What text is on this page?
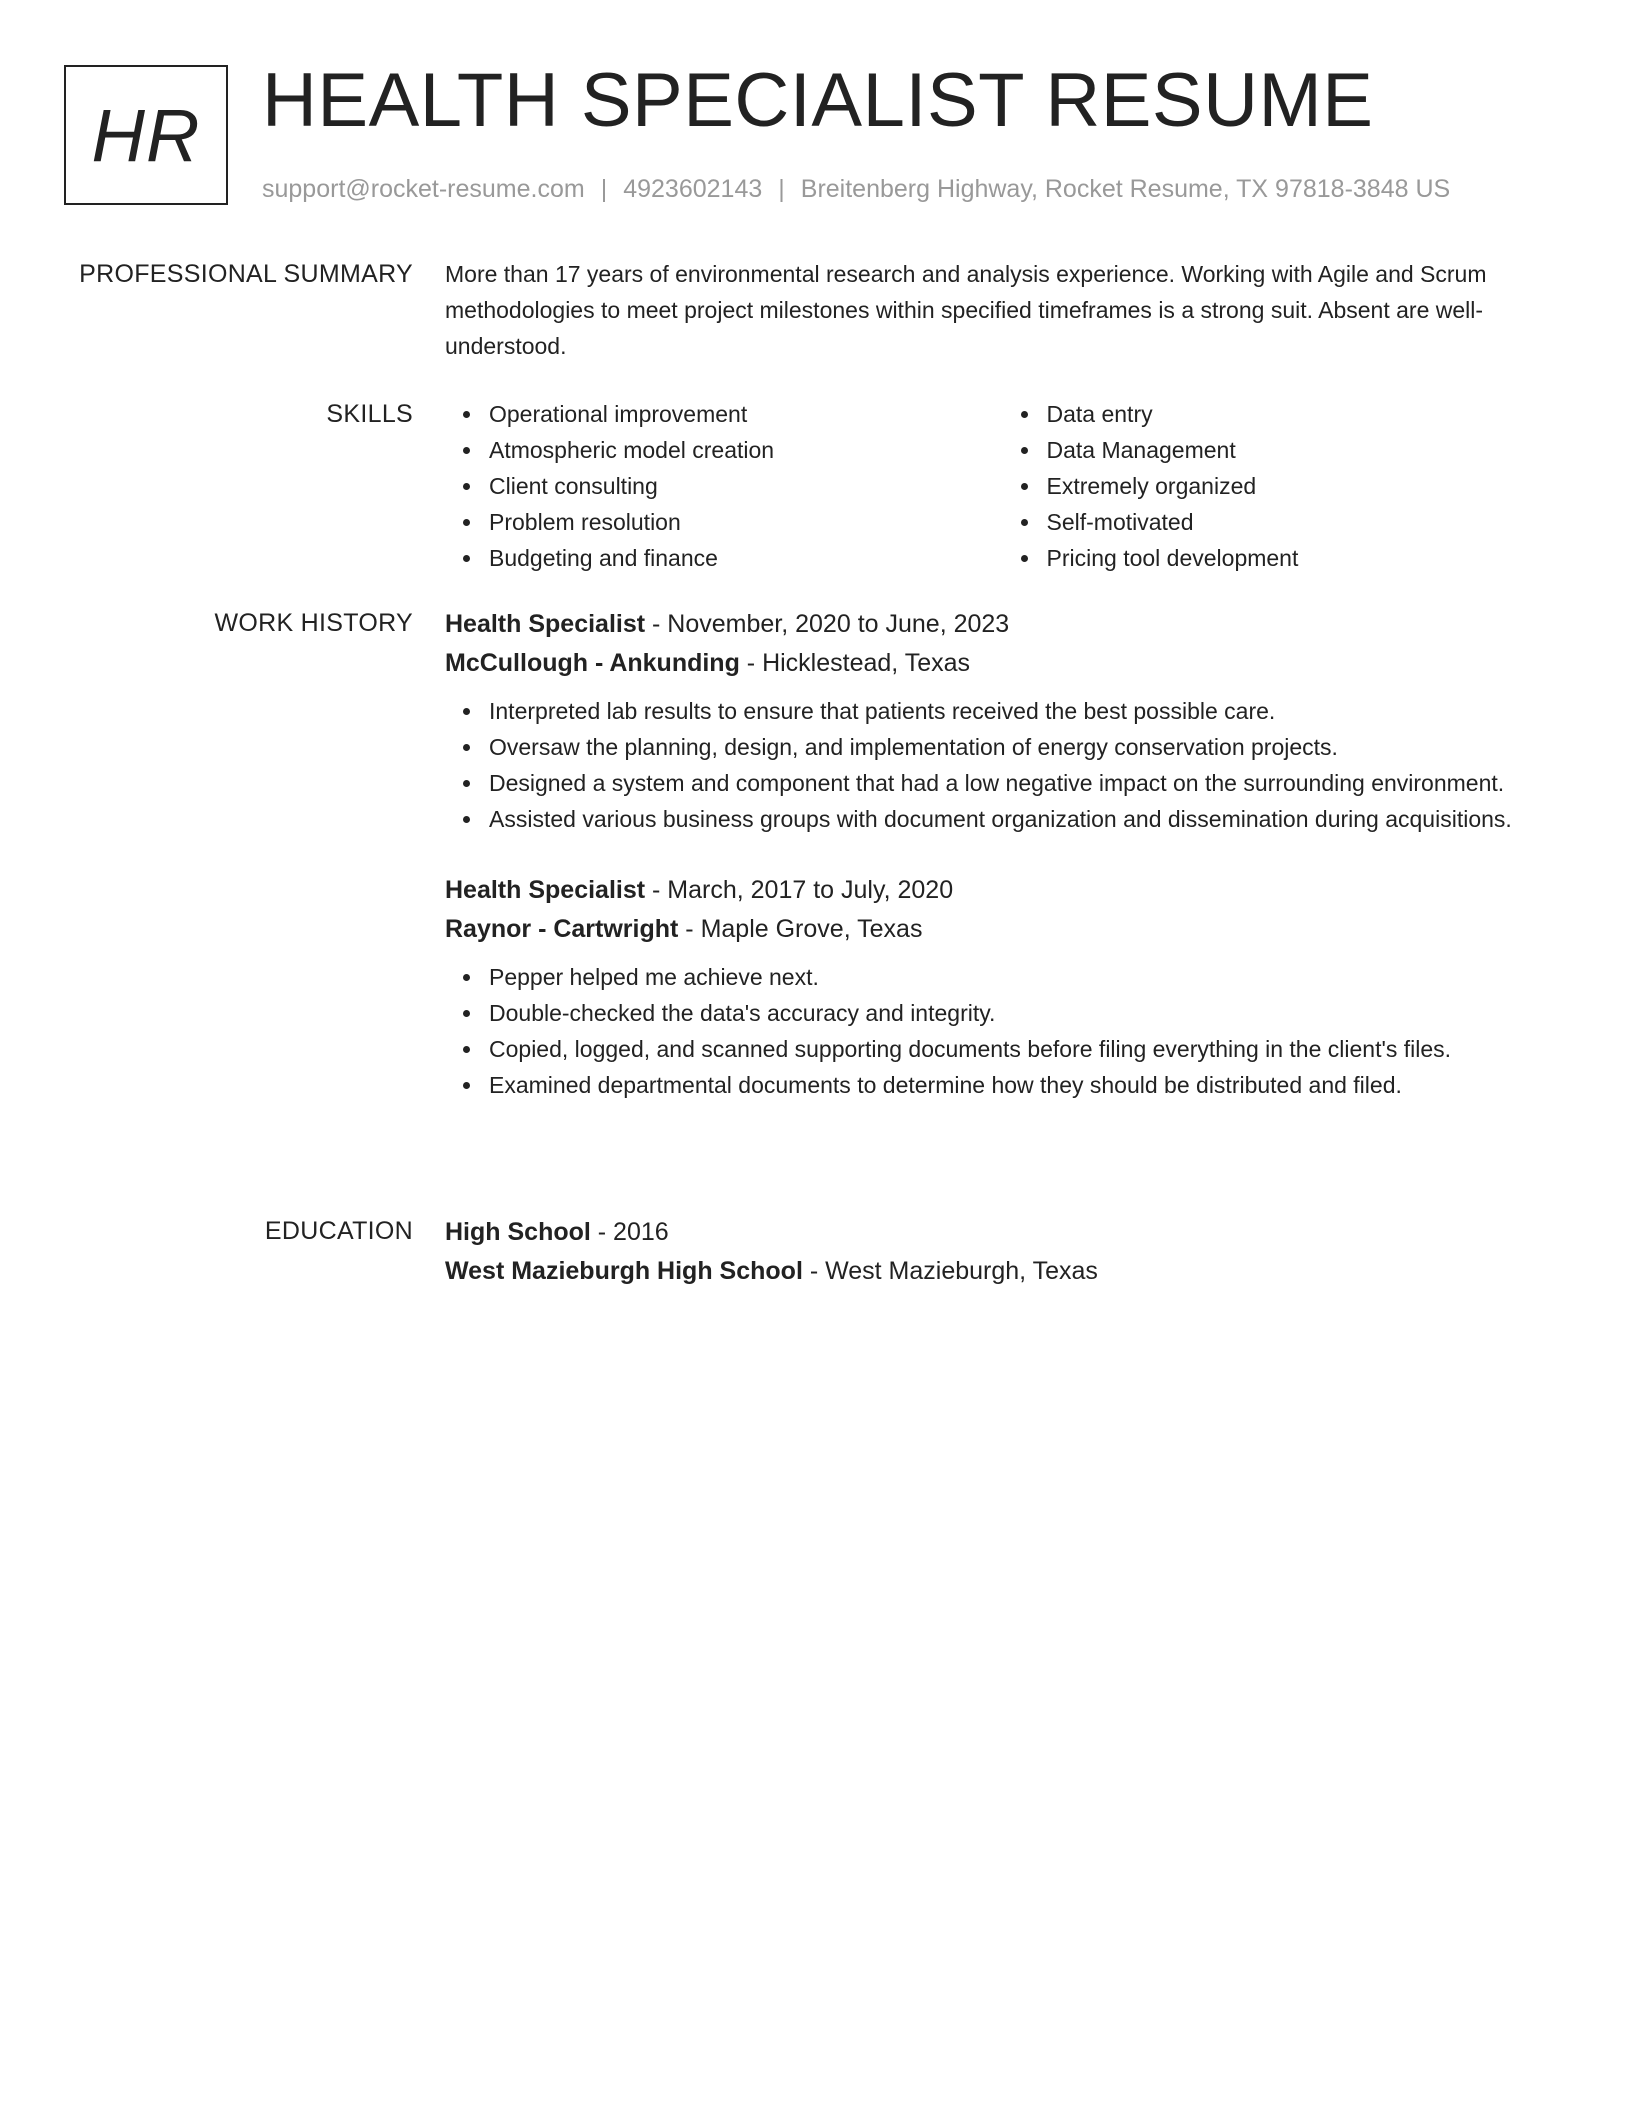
HR HEALTH SPECIALIST RESUME
support@rocket-resume.com | 4923602143 | Breitenberg Highway, Rocket Resume, TX 97818-3848 US
PROFESSIONAL SUMMARY More than 17 years of environmental research and analysis experience. Working with Agile and Scrum methodologies to meet project milestones within specified timeframes is a strong suit. Absent are well-understood.

SKILLS	Operational improvement
Atmospheric model creation
Client consulting
Problem resolution
Budgeting and finance
Data entry
Data Management
Extremely organized
Self-motivated
Pricing tool development
WORK HISTORY Health Specialist - November, 2020 to June, 2023

McCullough - Ankunding - Hicklestead, Texas

Interpreted lab results to ensure that patients received the best possible care.
Oversaw the planning, design, and implementation of energy conservation projects.
Designed a system and component that had a low negative impact on the surrounding environment.
Assisted various business groups with document organization and dissemination during acquisitions.

Health Specialist - March, 2017 to July, 2020

Raynor - Cartwright - Maple Grove, Texas

Pepper helped me achieve next.
Double-checked the data's accuracy and integrity.
Copied, logged, and scanned supporting documents before filing everything in the client's files.
Examined departmental documents to determine how they should be distributed and filed.
EDUCATION High School - 2016

West Mazieburgh High School - West Mazieburgh, Texas
